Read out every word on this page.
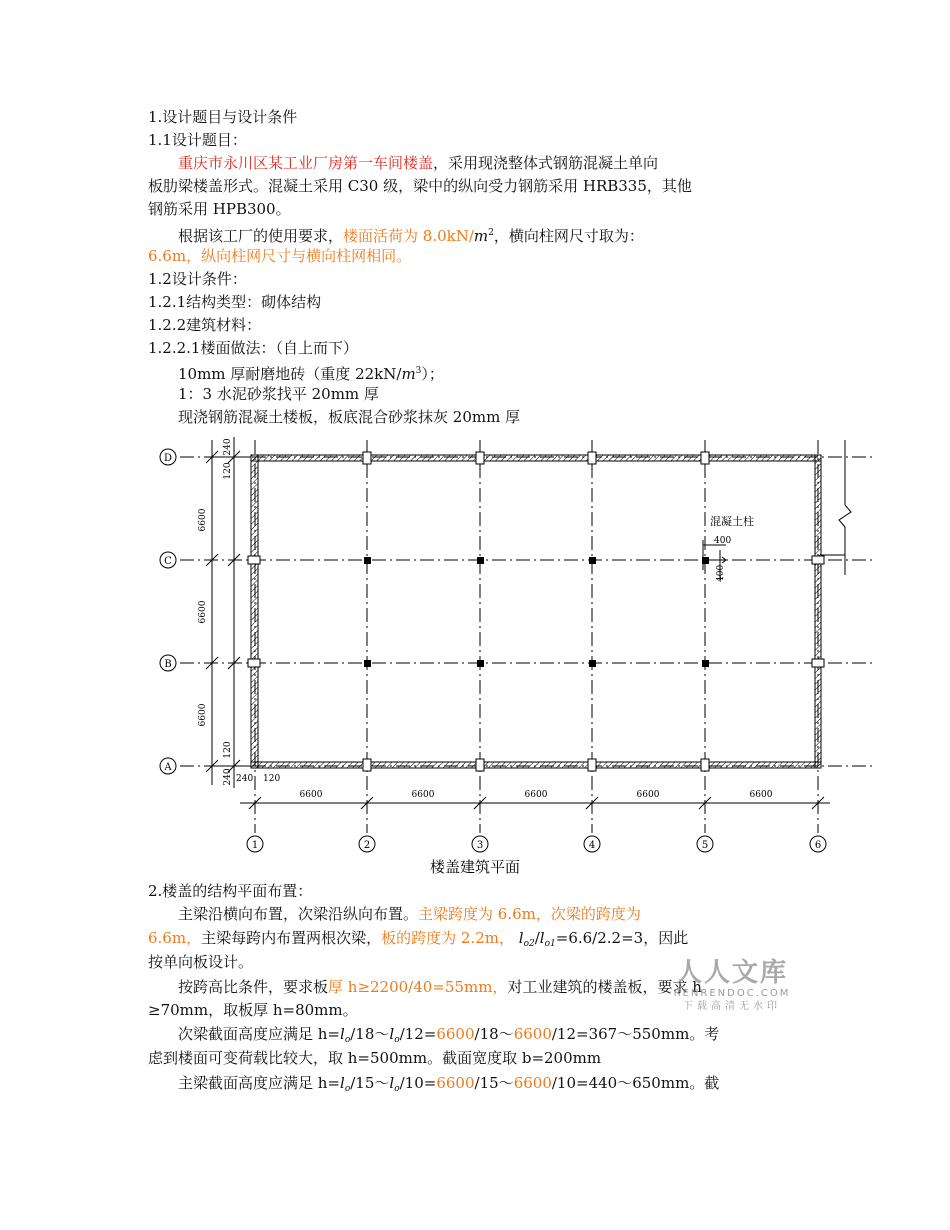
1.设计题目与设计条件
1.1设计题目：
重庆市永川区某工业厂房第一车间楼盖，采用现浇整体式钢筋混凝土单向
板肋梁楼盖形式。混凝土采用 C30 级，梁中的纵向受力钢筋采用 HRB335，其他
钢筋采用 HPB300。
根据该工厂的使用要求，楼面活荷为 $8.0kN/m^2$，横向柱网尺寸取为：
6.6m，纵向柱网尺寸与横向柱网相同。
1.2设计条件：
1.2.1结构类型：砌体结构
1.2.2建筑材料：
1.2.2.1楼面做法：（自上而下）
10mm 厚耐磨地砖（重度 $22kN/m^3$）；
1：3 水泥砂浆找平 20mm 厚
现浇钢筋混凝土楼板，板底混合砂浆抹灰 20mm 厚
混凝土柱
400
400
6600
6600
6600
240
120
120
240 240 120
6600	6600	6600	6600	6600
D
C
B
A
1	2	3	4	5	6
楼盖建筑平面
2.楼盖的结构平面布置：
主梁沿横向布置，次梁沿纵向布置。主梁跨度为 6.6m，次梁的跨度为
6.6m，主梁每跨内布置两根次梁，板的跨度为 2.2m， $l_{o2}/l_{o1}=6.6/2.2=3$，因此
按单向板设计。
按跨高比条件，要求板厚 h≥2200/40=55mm，对工业建筑的楼盖板，要求 h
≥70mm，取板厚 h=80mm。
次梁截面高度应满足 $h=l_o/18\sim l_o/12=6600/18\sim 6600/12=367\sim 550mm$。考
虑到楼面可变荷载比较大，取 h=500mm。截面宽度取 b=200mm
主梁截面高度应满足 $h=l_o/15\sim l_o/10=6600/15\sim 6600/10=440\sim 650mm$。截
人人文库
RENRENDOC.COM
下载高清无水印
